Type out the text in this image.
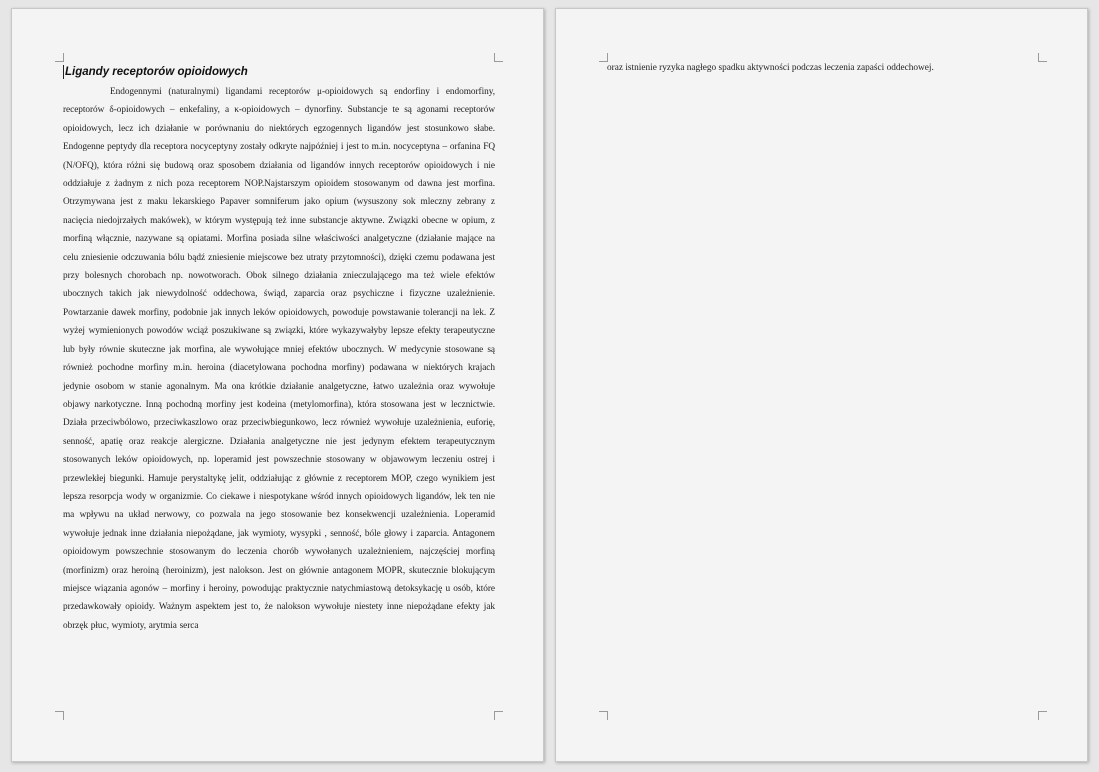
Ligandy receptorów opioidowych

Endogennymi (naturalnymi) ligandami receptorów μ-opioidowych są endorfiny i endomorfiny, receptorów δ-opioidowych – enkefaliny, a κ-opioidowych – dynorfiny. Substancje te są agonami receptorów opioidowych, lecz ich działanie w porównaniu do niektórych egzogennych ligandów jest stosunkowo słabe. Endogenne peptydy dla receptora nocyceptyny zostały odkryte najpóźniej i jest to m.in. nocyceptyna – orfanina FQ (N/OFQ), która różni się budową oraz sposobem działania od ligandów innych receptorów opioidowych i nie oddziałuje z żadnym z nich poza receptorem NOP.Najstarszym opioidem stosowanym od dawna jest morfina. Otrzymywana jest z maku lekarskiego Papaver somniferum jako opium (wysuszony sok mleczny zebrany z nacięcia niedojrzałych makówek), w którym występują też inne substancje aktywne. Związki obecne w opium, z morfiną włącznie, nazywane są opiatami. Morfina posiada silne właściwości analgetyczne (działanie mające na celu zniesienie odczuwania bólu bądź zniesienie miejscowe bez utraty przytomności), dzięki czemu podawana jest przy bolesnych chorobach np. nowotworach. Obok silnego działania znieczulającego ma też wiele efektów ubocznych takich jak niewydolność oddechowa, świąd, zaparcia oraz psychiczne i fizyczne uzależnienie. Powtarzanie dawek morfiny, podobnie jak innych leków opioidowych, powoduje powstawanie tolerancji na lek. Z wyżej wymienionych powodów wciąż poszukiwane są związki, które wykazywałyby lepsze efekty terapeutyczne lub były równie skuteczne jak morfina, ale wywołujące mniej efektów ubocznych. W medycynie stosowane są również pochodne morfiny m.in. heroina (diacetylowana pochodna morfiny) podawana w niektórych krajach jedynie osobom w stanie agonalnym. Ma ona krótkie działanie analgetyczne, łatwo uzależnia oraz wywołuje objawy narkotyczne. Inną pochodną morfiny jest kodeina (metylomorfina), która stosowana jest w lecznictwie. Działa przeciwbólowo, przeciwkaszlowo oraz przeciwbiegunkowo, lecz również wywołuje uzależnienia, euforię, senność, apatię oraz reakcje alergiczne. Działania analgetyczne nie jest jedynym efektem terapeutycznym stosowanych leków opioidowych, np. loperamid jest powszechnie stosowany w objawowym leczeniu ostrej i przewlekłej biegunki. Hamuje perystaltykę jelit, oddziałując z głównie z receptorem MOP, czego wynikiem jest lepsza resorpcja wody w organizmie. Co ciekawe i niespotykane wśród innych opioidowych ligandów, lek ten nie ma wpływu na układ nerwowy, co pozwala na jego stosowanie bez konsekwencji uzależnienia. Loperamid wywołuje jednak inne działania niepożądane, jak wymioty, wysypki , senność, bóle głowy i zaparcia. Antagonem opioidowym powszechnie stosowanym do leczenia chorób wywołanych uzależnieniem, najczęściej morfiną (morfinizm) oraz heroiną (heroinizm), jest nalokson. Jest on głównie antagonem MOPR, skutecznie blokującym miejsce wiązania agonów – morfiny i heroiny, powodując praktycznie natychmiastową detoksykację u osób, które przedawkowały opioidy. Ważnym aspektem jest to, że nalokson wywołuje niestety inne niepożądane efekty jak obrzęk płuc, wymioty, arytmia serca

oraz istnienie ryzyka nagłego spadku aktywności podczas leczenia zapaści oddechowej.
